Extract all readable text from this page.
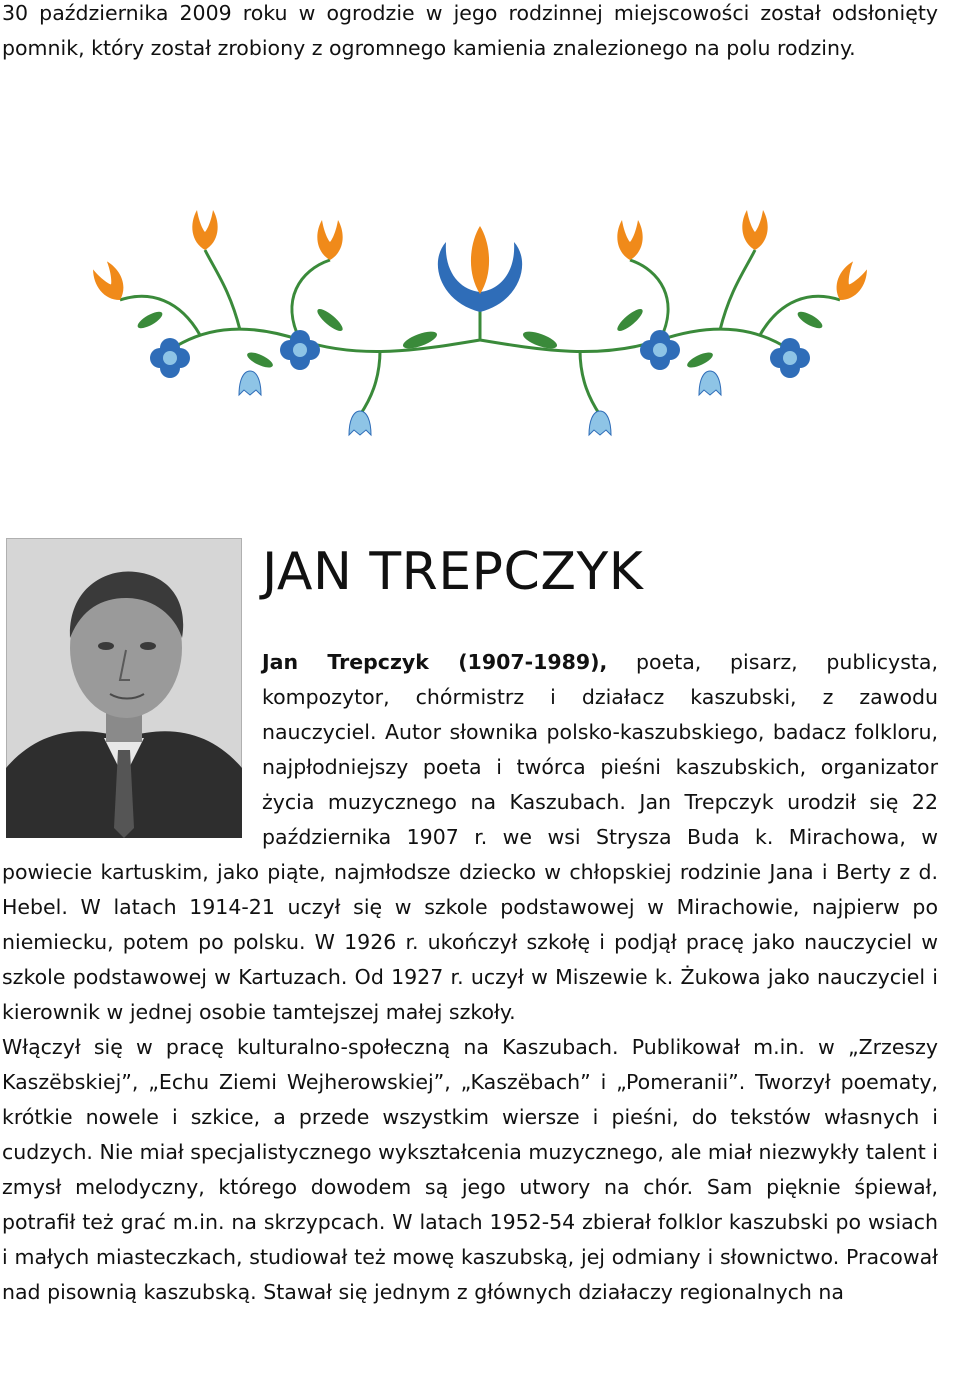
30 października 2009 roku w ogrodzie w jego rodzinnej miejscowości został odsłonięty pomnik, który został zrobiony z ogromnego kamienia znalezionego na polu rodziny.

JAN TREPCZYK

Jan Trepczyk (1907-1989), poeta, pisarz, publicysta, kompozytor, chórmistrz i działacz kaszubski, z zawodu nauczyciel. Autor słownika polsko-kaszubskiego, badacz folkloru, najpłodniejszy poeta i twórca pieśni kaszubskich, organizator życia muzycznego na Kaszubach. Jan Trepczyk urodził się 22 października 1907 r. we wsi Strysza Buda k. Mirachowa, w powiecie kartuskim, jako piąte, najmłodsze dziecko w chłopskiej rodzinie Jana i Berty z d. Hebel. W latach 1914-21 uczył się w szkole podstawowej w Mirachowie, najpierw po niemiecku, potem po polsku. W 1926 r. ukończył szkołę i podjął pracę jako nauczyciel w szkole podstawowej w Kartuzach. Od 1927 r. uczył w Miszewie k. Żukowa jako nauczyciel i kierownik w jednej osobie tamtejszej małej szkoły.

Włączył się w pracę kulturalno-społeczną na Kaszubach. Publikował m.in. w „Zrzeszy Kaszëbskiej”, „Echu Ziemi Wejherowskiej”, „Kaszëbach” i „Pomeranii”. Tworzył poematy, krótkie nowele i szkice, a przede wszystkim wiersze i pieśni, do tekstów własnych i cudzych. Nie miał specjalistycznego wykształcenia muzycznego, ale miał niezwykły talent i zmysł melodyczny, którego dowodem są jego utwory na chór. Sam pięknie śpiewał, potrafił też grać m.in. na skrzypcach. W latach 1952-54 zbierał folklor kaszubski po wsiach i małych miasteczkach, studiował też mowę kaszubską, jej odmiany i słownictwo. Pracował nad pisownią kaszubską. Stawał się jednym z głównych działaczy regionalnych na
